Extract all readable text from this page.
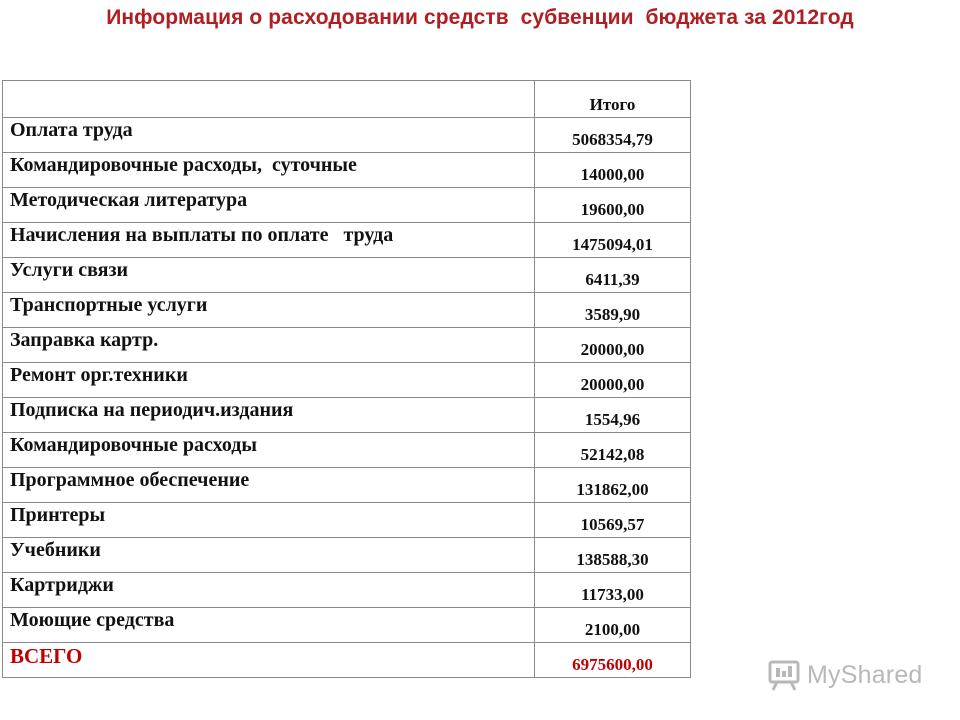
Информация о расходовании средств  субвенции  бюджета за 2012год
	Итого
Оплата труда	5068354,79
Командировочные расходы,  суточные	14000,00
Методическая литература	19600,00
Начисления на выплаты по оплате   труда	1475094,01
Услуги связи	6411,39
Транспортные услуги	3589,90
Заправка картр.	20000,00
Ремонт орг.техники	20000,00
Подписка на периодич.издания	1554,96
Командировочные расходы	52142,08
Программное обеспечение	131862,00
Принтеры	10569,57
Учебники	138588,30
Картриджи	11733,00
Моющие средства	2100,00
ВСЕГО	6975600,00	MyShared
